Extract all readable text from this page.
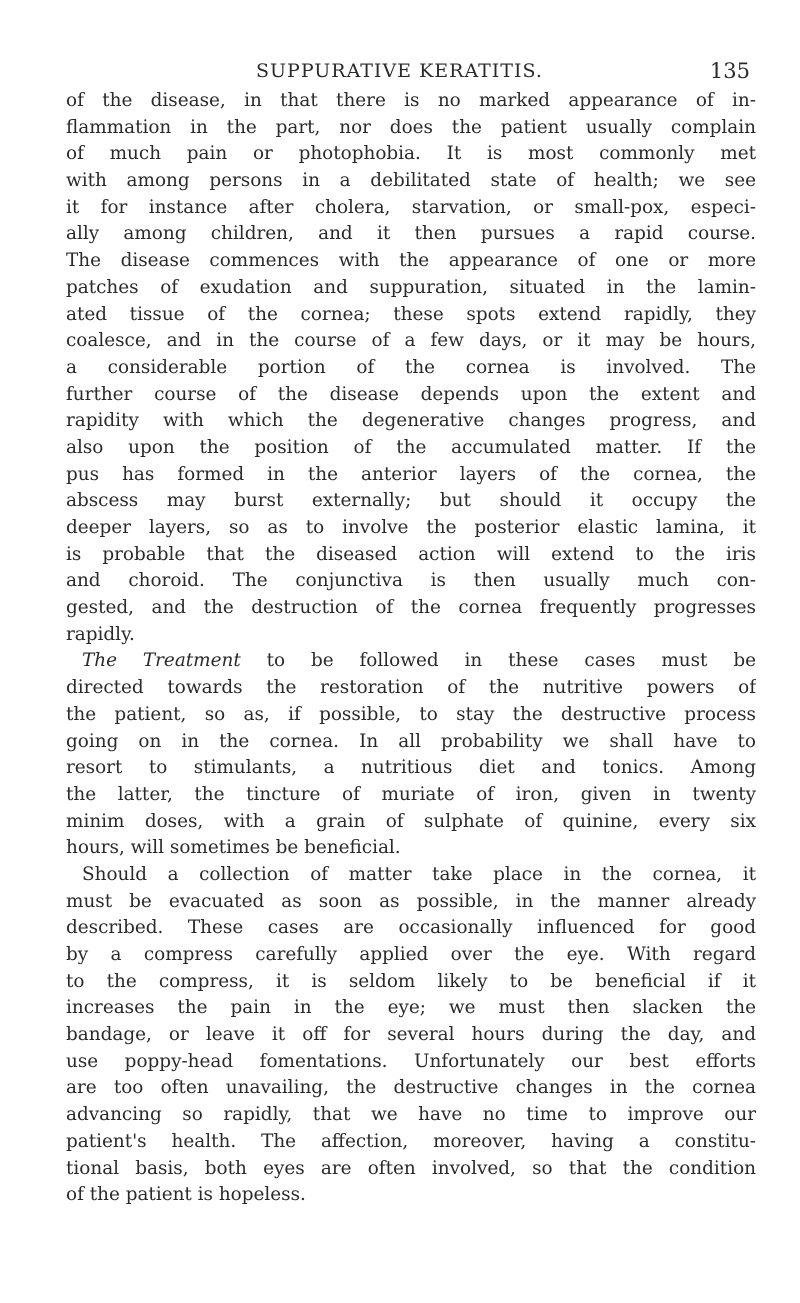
SUPPURATIVE KERATITIS.	135
of the disease, in that there is no marked appearance of in-
flammation in the part, nor does the patient usually complain
of much pain or photophobia. It is most commonly met
with among persons in a debilitated state of health; we see
it for instance after cholera, starvation, or small-pox, especi-
ally among children, and it then pursues a rapid course.
The disease commences with the appearance of one or more
patches of exudation and suppuration, situated in the lamin-
ated tissue of the cornea; these spots extend rapidly, they
coalesce, and in the course of a few days, or it may be hours,
a considerable portion of the cornea is involved. The
further course of the disease depends upon the extent and
rapidity with which the degenerative changes progress, and
also upon the position of the accumulated matter. If the
pus has formed in the anterior layers of the cornea, the
abscess may burst externally; but should it occupy the
deeper layers, so as to involve the posterior elastic lamina, it
is probable that the diseased action will extend to the iris
and choroid. The conjunctiva is then usually much con-
gested, and the destruction of the cornea frequently progresses
rapidly.
The Treatment to be followed in these cases must be
directed towards the restoration of the nutritive powers of
the patient, so as, if possible, to stay the destructive process
going on in the cornea. In all probability we shall have to
resort to stimulants, a nutritious diet and tonics. Among
the latter, the tincture of muriate of iron, given in twenty
minim doses, with a grain of sulphate of quinine, every six
hours, will sometimes be beneficial.
Should a collection of matter take place in the cornea, it
must be evacuated as soon as possible, in the manner already
described. These cases are occasionally influenced for good
by a compress carefully applied over the eye. With regard
to the compress, it is seldom likely to be beneficial if it
increases the pain in the eye; we must then slacken the
bandage, or leave it off for several hours during the day, and
use poppy-head fomentations. Unfortunately our best efforts
are too often unavailing, the destructive changes in the cornea
advancing so rapidly, that we have no time to improve our
patient's health. The affection, moreover, having a constitu-
tional basis, both eyes are often involved, so that the condition
of the patient is hopeless.
